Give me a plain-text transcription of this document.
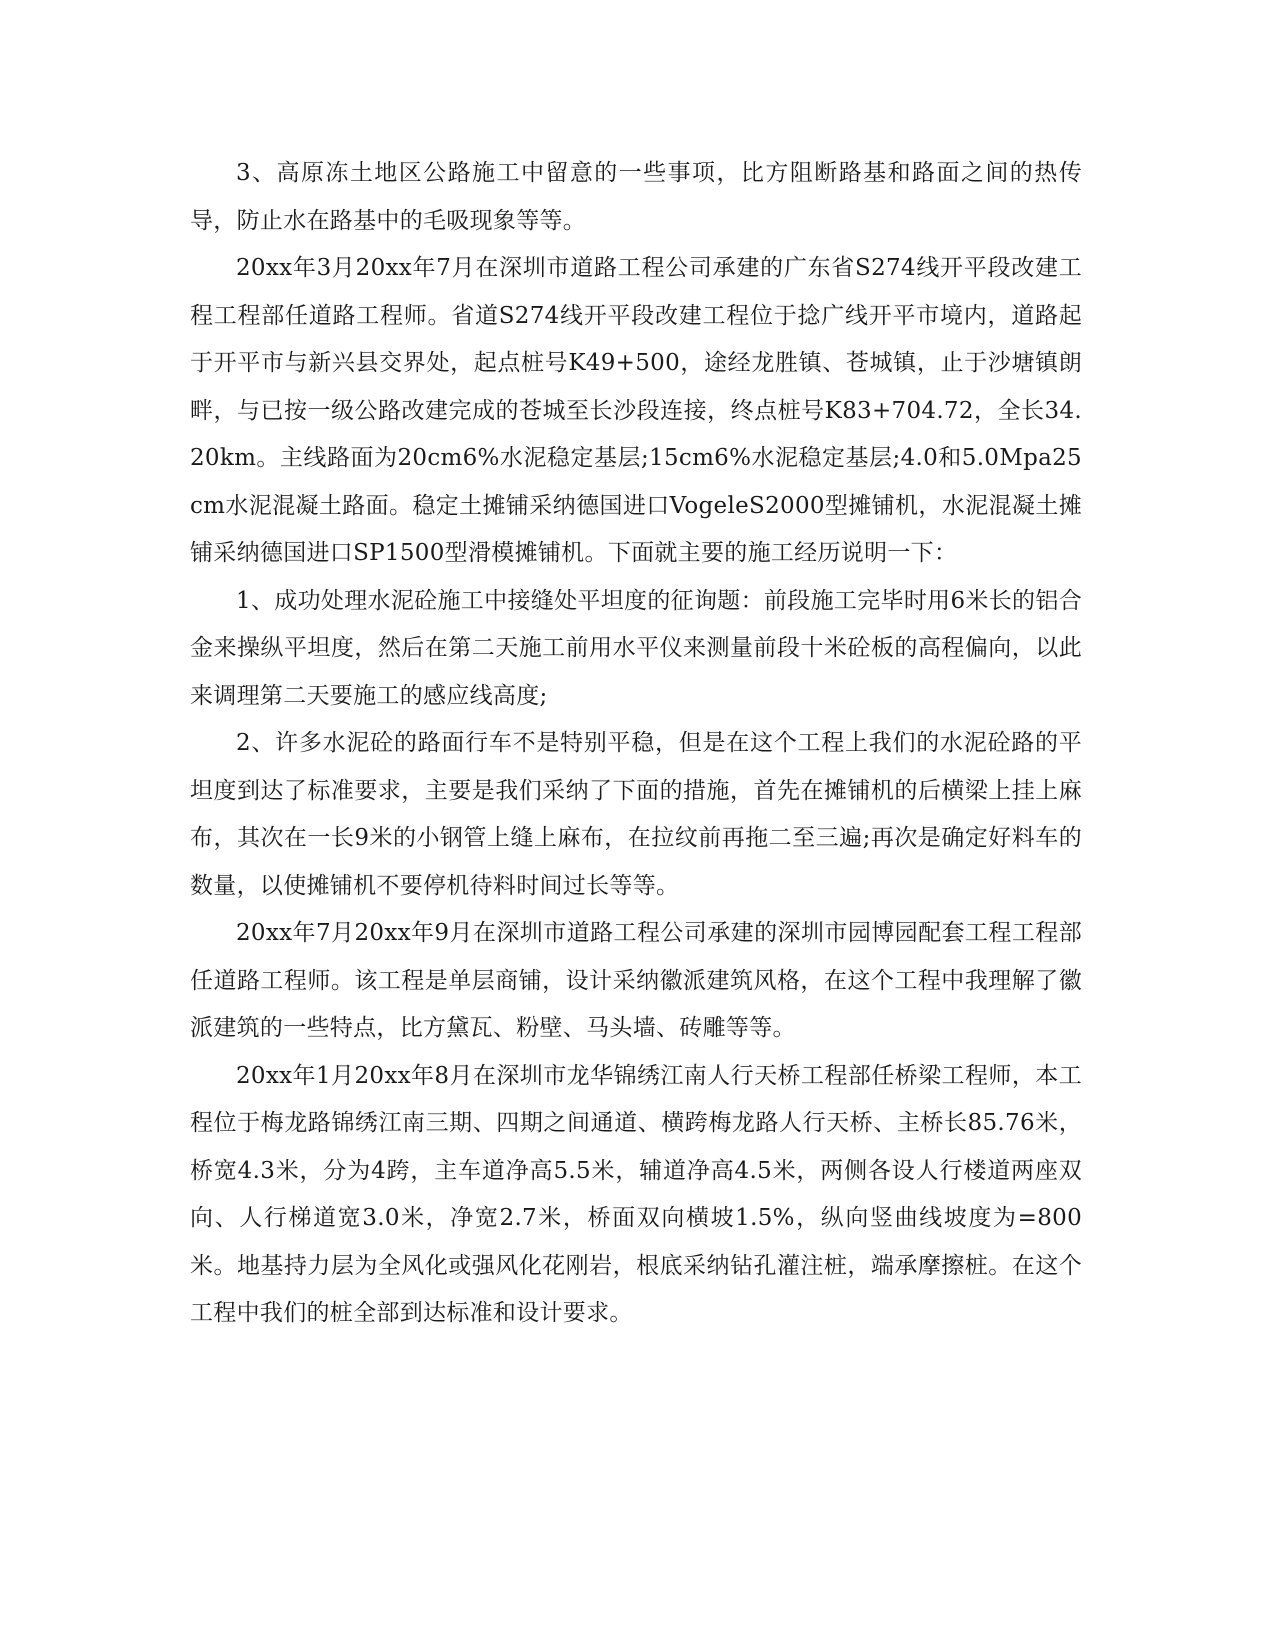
3、高原冻土地区公路施工中留意的一些事项，比方阻断路基和路面之间的热传导，防止水在路基中的毛吸现象等等。

20xx年3月20xx年7月在深圳市道路工程公司承建的广东省S274线开平段改建工程工程部任道路工程师。省道S274线开平段改建工程位于捻广线开平市境内，道路起于开平市与新兴县交界处，起点桩号K49+500，途经龙胜镇、苍城镇，止于沙塘镇朗畔，与已按一级公路改建完成的苍城至长沙段连接，终点桩号K83+704.72，全长34.20km。主线路面为20cm6%水泥稳定基层;15cm6%水泥稳定基层;4.0和5.0Mpa25cm水泥混凝土路面。稳定土摊铺采纳德国进口VogeleS2000型摊铺机，水泥混凝土摊铺采纳德国进口SP1500型滑模摊铺机。下面就主要的施工经历说明一下：

1、成功处理水泥砼施工中接缝处平坦度的征询题：前段施工完毕时用6米长的铝合金来操纵平坦度，然后在第二天施工前用水平仪来测量前段十米砼板的高程偏向，以此来调理第二天要施工的感应线高度;

2、许多水泥砼的路面行车不是特别平稳，但是在这个工程上我们的水泥砼路的平坦度到达了标准要求，主要是我们采纳了下面的措施，首先在摊铺机的后横梁上挂上麻布，其次在一长9米的小钢管上缝上麻布，在拉纹前再拖二至三遍;再次是确定好料车的数量，以使摊铺机不要停机待料时间过长等等。

20xx年7月20xx年9月在深圳市道路工程公司承建的深圳市园博园配套工程工程部任道路工程师。该工程是单层商铺，设计采纳徽派建筑风格，在这个工程中我理解了徽派建筑的一些特点，比方黛瓦、粉壁、马头墙、砖雕等等。

20xx年1月20xx年8月在深圳市龙华锦绣江南人行天桥工程部任桥梁工程师，本工程位于梅龙路锦绣江南三期、四期之间通道、横跨梅龙路人行天桥、主桥长85.76米，桥宽4.3米，分为4跨，主车道净高5.5米，辅道净高4.5米，两侧各设人行楼道两座双向、人行梯道宽3.0米，净宽2.7米，桥面双向横坡1.5%，纵向竖曲线坡度为=800米。地基持力层为全风化或强风化花刚岩，根底采纳钻孔灌注桩，端承摩擦桩。在这个工程中我们的桩全部到达标准和设计要求。
